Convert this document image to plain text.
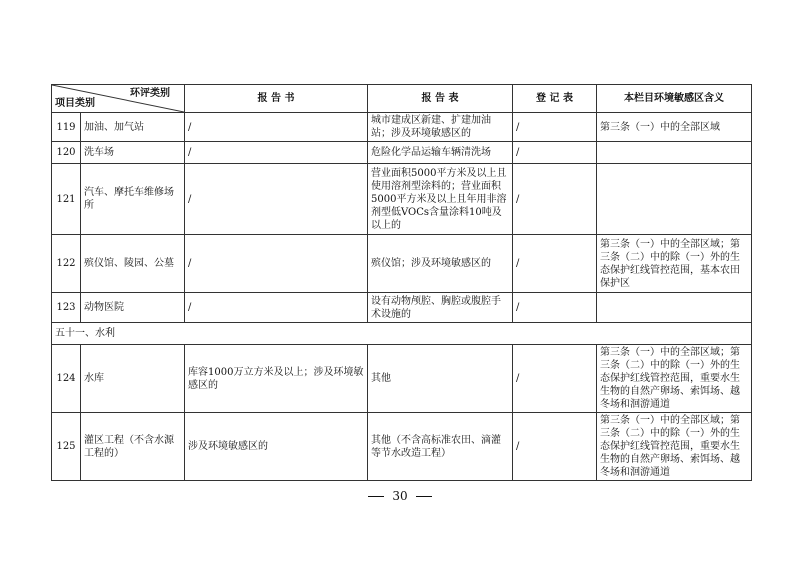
环评类别
项目类别		报 告 书	报 告 表	登 记 表	本栏目环境敏感区含义
119	加油、加气站	/	城市建成区新建、扩建加油站；涉及环境敏感区的	/	第三条（一）中的全部区域
120	洗车场	/	危险化学品运输车辆清洗场	/	
121	汽车、摩托车维修场所	/	营业面积5000平方米及以上且使用溶剂型涂料的；营业面积5000平方米及以上且年用非溶剂型低VOCs含量涂料10吨及以上的	/	
122	殡仪馆、陵园、公墓	/	殡仪馆；涉及环境敏感区的	/	第三条（一）中的全部区域；第三条（二）中的除（一）外的生态保护红线管控范围，基本农田保护区
123	动物医院	/	设有动物颅腔、胸腔或腹腔手术设施的	/	
五十一、水利					
124	水库	库容1000万立方米及以上；涉及环境敏感区的	其他	/	第三条（一）中的全部区域；第三条（二）中的除（一）外的生态保护红线管控范围，重要水生生物的自然产卵场、索饵场、越冬场和洄游通道
125	灌区工程（不含水源工程的）	涉及环境敏感区的	其他（不含高标准农田、滴灌等节水改造工程）	/	第三条（一）中的全部区域；第三条（二）中的除（一）外的生态保护红线管控范围，重要水生生物的自然产卵场、索饵场、越冬场和洄游通道
30
